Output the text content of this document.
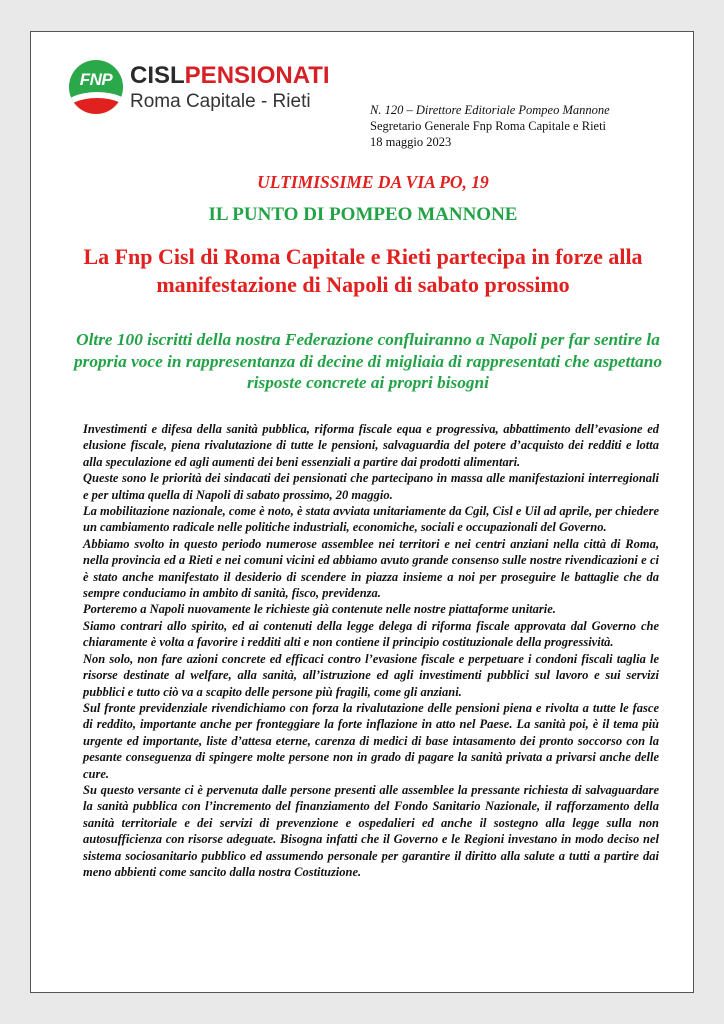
FNP CISLPENSIONATI
Roma Capitale - Rieti	N. 120 – Direttore Editoriale Pompeo Mannone
Segretario Generale Fnp Roma Capitale e Rieti
18 maggio 2023
ULTIMISSIME DA VIA PO, 19
IL PUNTO DI POMPEO MANNONE
La Fnp Cisl di Roma Capitale e Rieti partecipa in forze alla manifestazione di Napoli di sabato prossimo
Oltre 100 iscritti della nostra Federazione confluiranno a Napoli per far sentire la propria voce in rappresentanza di decine di migliaia di rappresentati che aspettano risposte concrete ai propri bisogni

Investimenti e difesa della sanità pubblica, riforma fiscale equa e progressiva, abbattimento dell’evasione ed elusione fiscale, piena rivalutazione di tutte le pensioni, salvaguardia del potere d’acquisto dei redditi e lotta alla speculazione ed agli aumenti dei beni essenziali a partire dai prodotti alimentari.

Queste sono le priorità dei sindacati dei pensionati che partecipano in massa alle manifestazioni interregionali e per ultima quella di Napoli di sabato prossimo, 20 maggio.

La mobilitazione nazionale, come è noto, è stata avviata unitariamente da Cgil, Cisl e Uil ad aprile, per chiedere un cambiamento radicale nelle politiche industriali, economiche, sociali e occupazionali del Governo.

Abbiamo svolto in questo periodo numerose assemblee nei territori e nei centri anziani nella città di Roma, nella provincia ed a Rieti e nei comuni vicini ed abbiamo avuto grande consenso sulle nostre rivendicazioni e ci è stato anche manifestato il desiderio di scendere in piazza insieme a noi per proseguire le battaglie che da sempre conduciamo in ambito di sanità, fisco, previdenza.

Porteremo a Napoli nuovamente le richieste già contenute nelle nostre piattaforme unitarie.

Siamo contrari allo spirito, ed ai contenuti della legge delega di riforma fiscale approvata dal Governo che chiaramente è volta a favorire i redditi alti e non contiene il principio costituzionale della progressività.

Non solo, non fare azioni concrete ed efficaci contro l’evasione fiscale e perpetuare i condoni fiscali taglia le risorse destinate al welfare, alla sanità, all’istruzione ed agli investimenti pubblici sul lavoro e sui servizi pubblici e tutto ciò va a scapito delle persone più fragili, come gli anziani.

Sul fronte previdenziale rivendichiamo con forza la rivalutazione delle pensioni piena e rivolta a tutte le fasce di reddito, importante anche per fronteggiare la forte inflazione in atto nel Paese. La sanità poi, è il tema più urgente ed importante, liste d’attesa eterne, carenza di medici di base intasamento dei pronto soccorso con la pesante conseguenza di spingere molte persone non in grado di pagare la sanità privata a privarsi anche delle cure.

Su questo versante ci è pervenuta dalle persone presenti alle assemblee la pressante richiesta di salvaguardare la sanità pubblica con l’incremento del finanziamento del Fondo Sanitario Nazionale, il rafforzamento della sanità territoriale e dei servizi di prevenzione e ospedalieri ed anche il sostegno alla legge sulla non autosufficienza con risorse adeguate. Bisogna infatti che il Governo e le Regioni investano in modo deciso nel sistema sociosanitario pubblico ed assumendo personale per garantire il diritto alla salute a tutti a partire dai meno abbienti come sancito dalla nostra Costituzione.
